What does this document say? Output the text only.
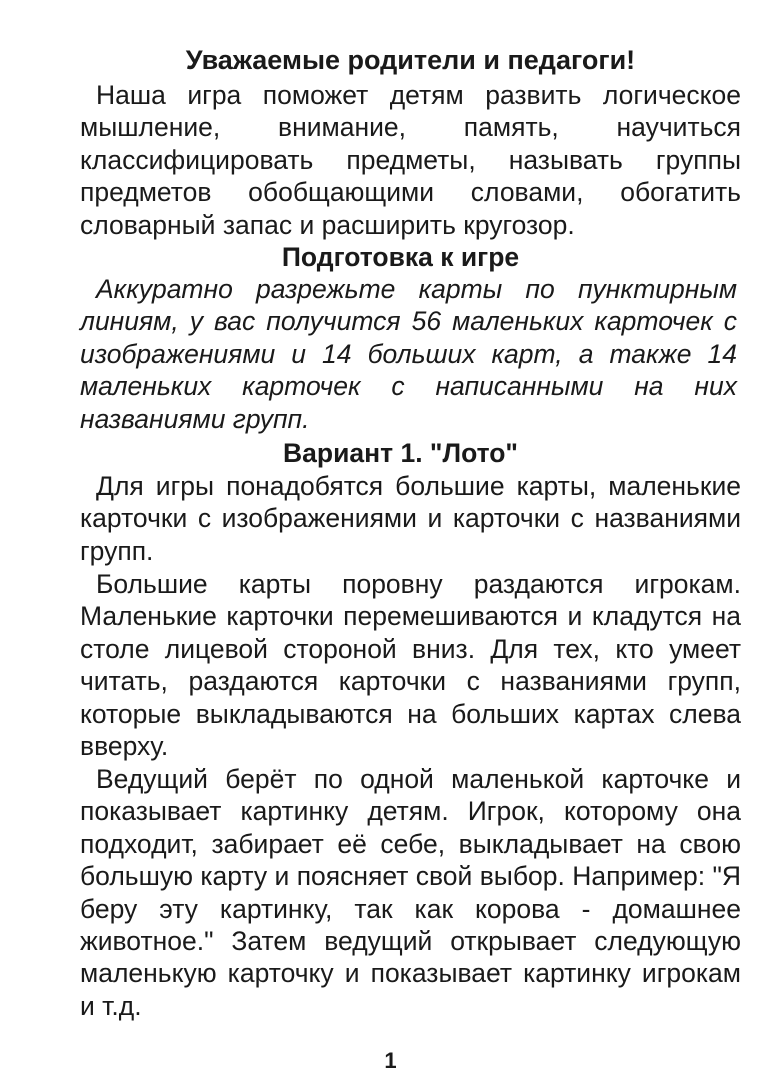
Уважаемые родители и педагоги!

Наша игра поможет детям развить логическое мышление, внимание, память, научиться классифицировать предметы, называть группы предметов обобщающими словами, обогатить словарный запас и расширить кругозор.

Подготовка к игре

Аккуратно разрежьте карты по пунктирным линиям, у вас получится 56 маленьких карточек с изображениями и 14 больших карт, а также 14 маленьких карточек с написанными на них названиями групп.

Вариант 1. "Лото"

Для игры понадобятся большие карты, маленькие карточки с изображениями и карточки с названиями групп.

Большие карты поровну раздаются игрокам. Маленькие карточки перемешиваются и кладутся на столе лицевой стороной вниз. Для тех, кто умеет читать, раздаются карточки с названиями групп, которые выкладываются на больших картах слева вверху.

Ведущий берёт по одной маленькой карточке и показывает картинку детям. Игрок, которому она подходит, забирает её себе, выкладывает на свою большую карту и поясняет свой выбор. Например: "Я беру эту картинку, так как корова - домашнее животное." Затем ведущий открывает следующую маленькую карточку и показывает картинку игрокам и т.д.

1
